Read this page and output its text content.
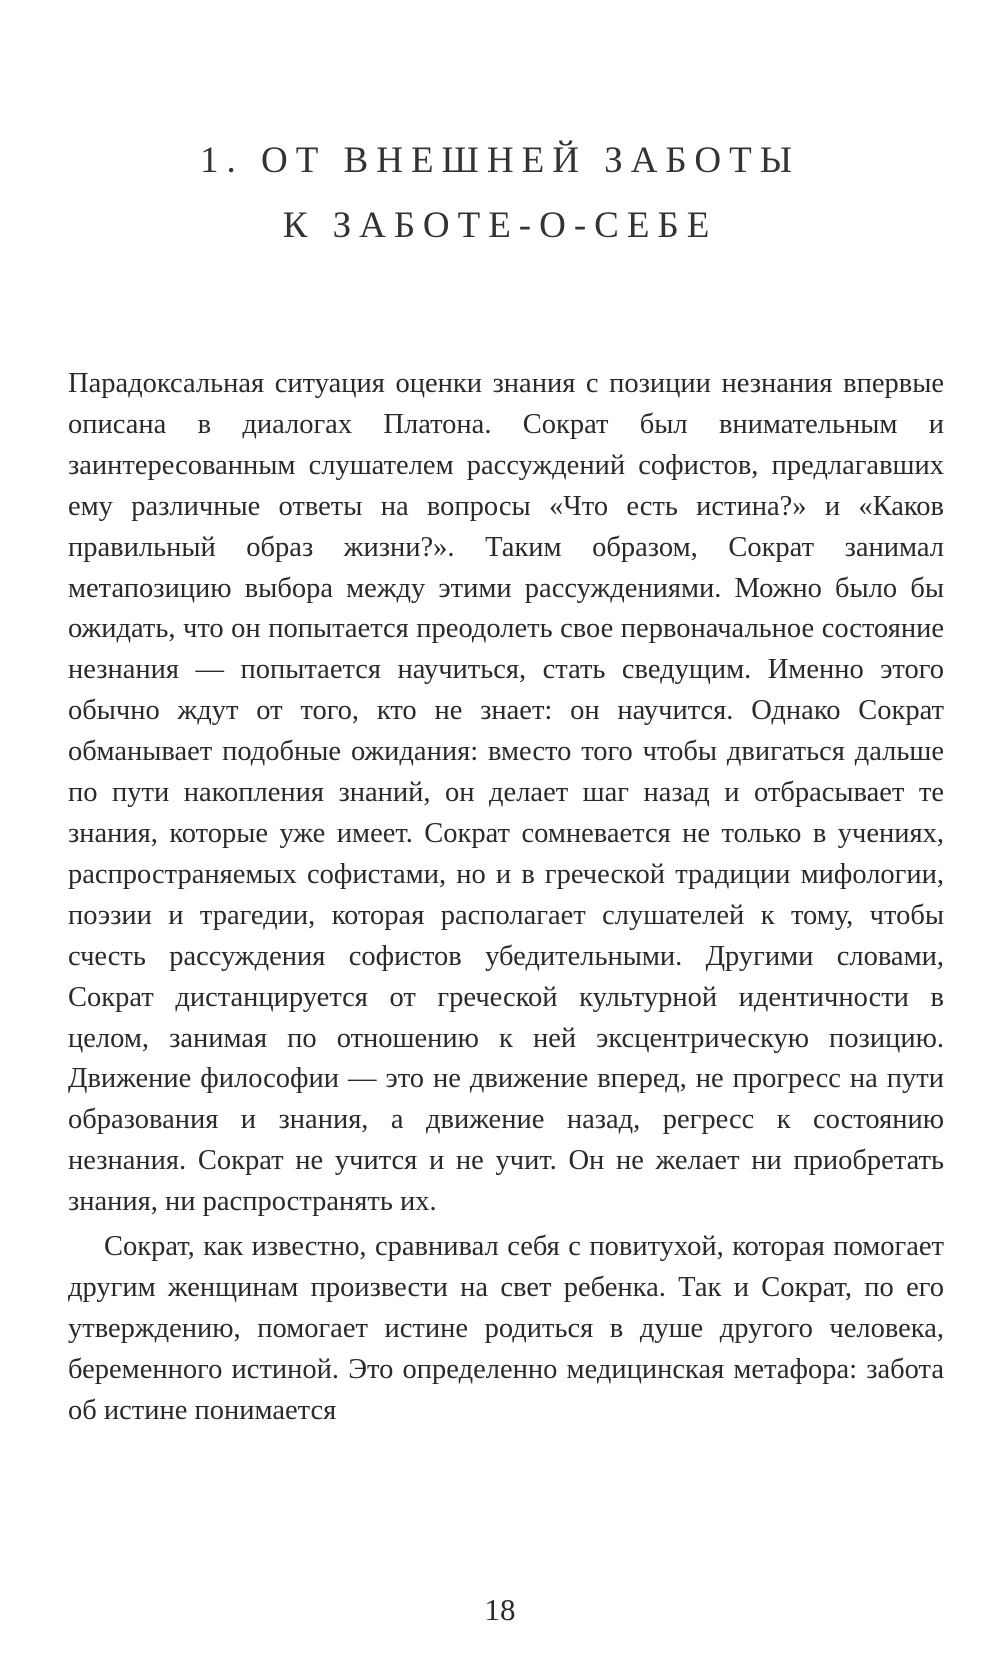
1. ОТ ВНЕШНЕЙ ЗАБОТЫ
К ЗАБОТЕ-О-СЕБЕ

Парадоксальная ситуация оценки знания с позиции незнания впервые описана в диалогах Платона. Сократ был внимательным и заинтересованным слушателем рассуждений софистов, предлагавших ему различные ответы на вопросы «Что есть истина?» и «Каков правильный образ жизни?». Таким образом, Сократ занимал метапозицию выбора между этими рассуждениями. Можно было бы ожидать, что он попытается преодолеть свое первоначальное состояние незнания — попытается научиться, стать сведущим. Именно этого обычно ждут от того, кто не знает: он научится. Однако Сократ обманывает подобные ожидания: вместо того чтобы двигаться дальше по пути накопления знаний, он делает шаг назад и отбрасывает те знания, которые уже имеет. Сократ сомневается не только в учениях, распространяемых софистами, но и в греческой традиции мифологии, поэзии и трагедии, которая располагает слушателей к тому, чтобы счесть рассуждения софистов убедительными. Другими словами, Сократ дистанцируется от греческой культурной идентичности в целом, занимая по отношению к ней эксцентрическую позицию. Движение философии — это не движение вперед, не прогресс на пути образования и знания, а движение назад, регресс к состоянию незнания. Сократ не учится и не учит. Он не желает ни приобретать знания, ни распространять их.

Сократ, как известно, сравнивал себя с повитухой, которая помогает другим женщинам произвести на свет ребенка. Так и Сократ, по его утверждению, помогает истине родиться в душе другого человека, беременного истиной. Это определенно медицинская метафора: забота об истине понимается

18
